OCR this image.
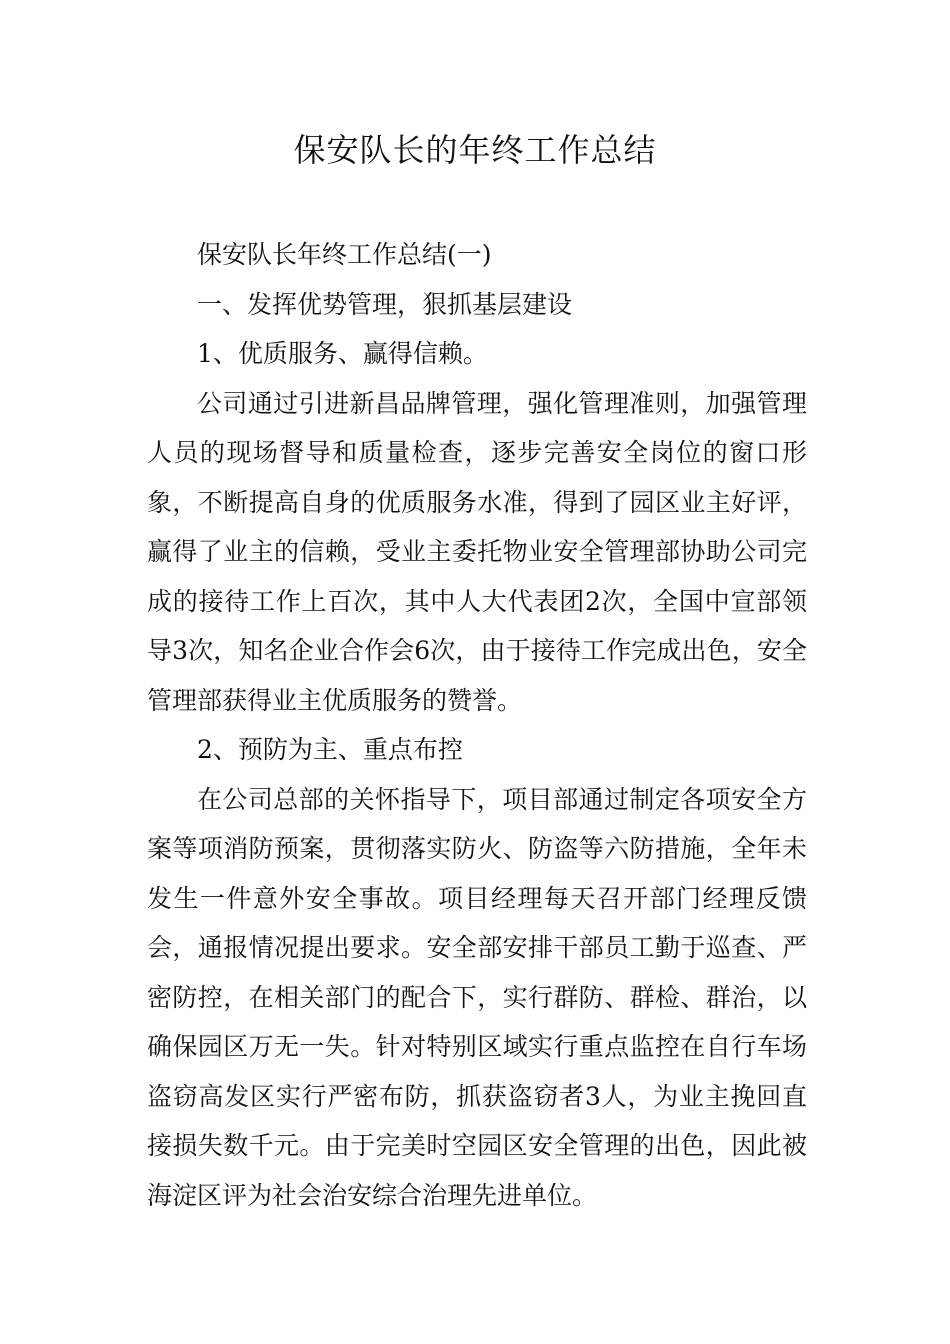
保安队长的年终工作总结

保安队长年终工作总结(一)

一、发挥优势管理，狠抓基层建设

1、优质服务、赢得信赖。

公司通过引进新昌品牌管理，强化管理准则，加强管理人员的现场督导和质量检查，逐步完善安全岗位的窗口形象，不断提高自身的优质服务水准，得到了园区业主好评，赢得了业主的信赖，受业主委托物业安全管理部协助公司完成的接待工作上百次，其中人大代表团2次，全国中宣部领导3次，知名企业合作会6次，由于接待工作完成出色，安全管理部获得业主优质服务的赞誉。

2、预防为主、重点布控

在公司总部的关怀指导下，项目部通过制定各项安全方案等项消防预案，贯彻落实防火、防盗等六防措施，全年未发生一件意外安全事故。项目经理每天召开部门经理反馈会，通报情况提出要求。安全部安排干部员工勤于巡查、严密防控，在相关部门的配合下，实行群防、群检、群治，以确保园区万无一失。针对特别区域实行重点监控在自行车场盗窃高发区实行严密布防，抓获盗窃者3人，为业主挽回直接损失数千元。由于完美时空园区安全管理的出色，因此被海淀区评为社会治安综合治理先进单位。
